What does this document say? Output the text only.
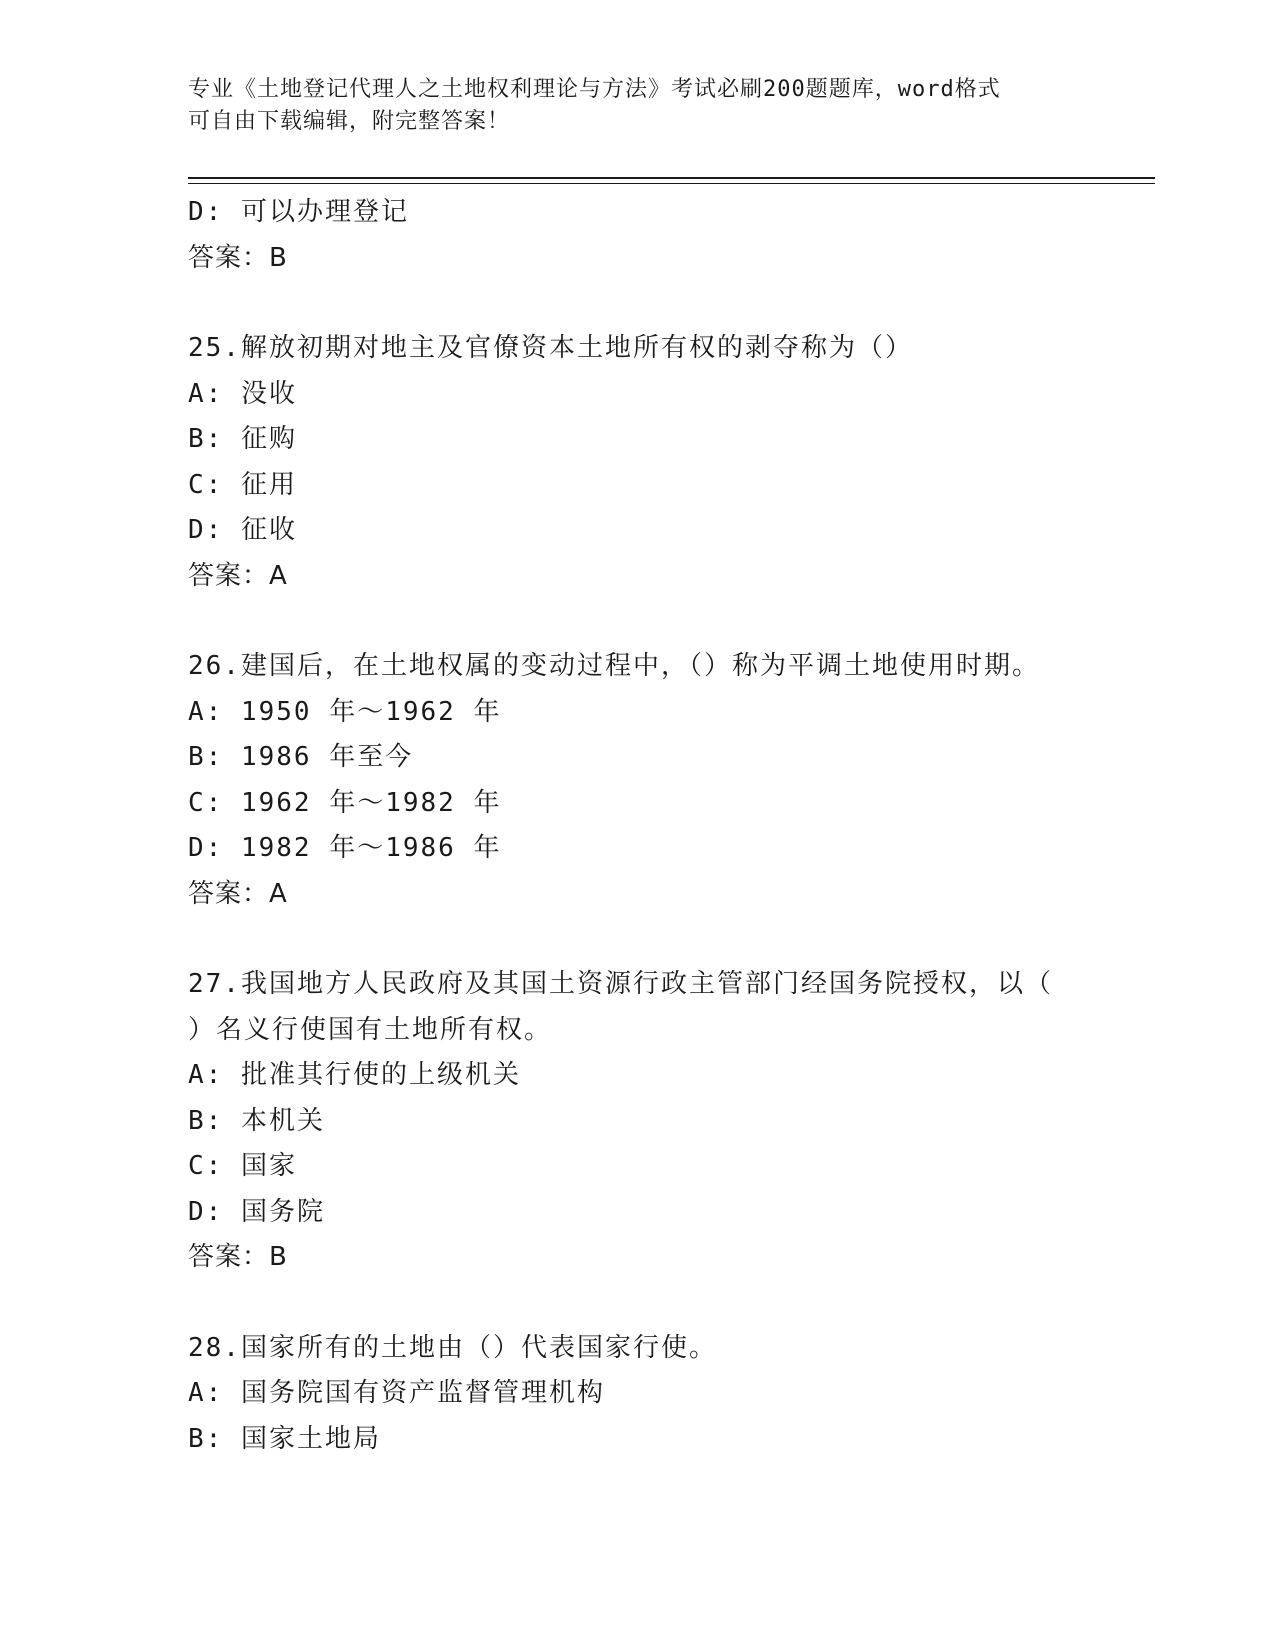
专业《土地登记代理人之土地权利理论与方法》考试必刷200题题库，word格式
可自由下载编辑，附完整答案！
D: 可以办理登记
答案：B
25.解放初期对地主及官僚资本土地所有权的剥夺称为（）
A: 没收
B: 征购
C: 征用
D: 征收
答案：A
26.建国后，在土地权属的变动过程中，（）称为平调土地使用时期。
A: 1950 年～1962 年
B: 1986 年至今
C: 1962 年～1982 年
D: 1982 年～1986 年
答案：A
27.我国地方人民政府及其国土资源行政主管部门经国务院授权，以（
）名义行使国有土地所有权。
A: 批准其行使的上级机关
B: 本机关
C: 国家
D: 国务院
答案：B
28.国家所有的土地由（）代表国家行使。
A: 国务院国有资产监督管理机构
B: 国家土地局
